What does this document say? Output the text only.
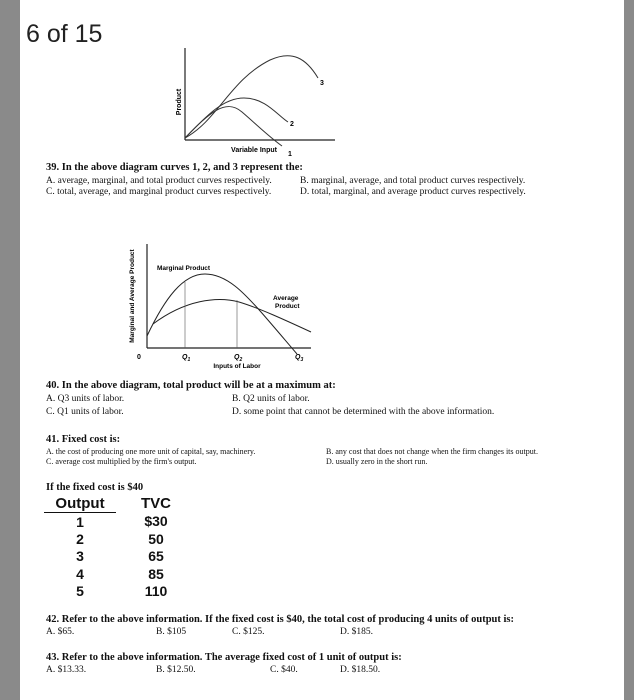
6 of 15
Product
Variable Input
1
2
3
39. In the above diagram curves 1, 2, and 3 represent the:
A. average, marginal, and total product curves respectively.	B. marginal, average, and total product curves respectively.
C. total, average, and marginal product curves respectively.	D. total, marginal, and average product curves respectively.
Marginal and Average Product	Marginal Product
Average
Product
0	$Q_1$	$Q_2$	$Q_3$
Inputs of Labor
40. In the above diagram, total product will be at a maximum at:
A. Q3 units of labor.	B. Q2 units of labor.
C. Q1 units of labor.	D. some point that cannot be determined with the above information.
41. Fixed cost is:
A. the cost of producing one more unit of capital, say, machinery.	B. any cost that does not change when the firm changes its output.
C. average cost multiplied by the firm's output.	D. usually zero in the short run.
If the fixed cost is $40
Output	TVC
1	$30
2	50
3	65
4	85
5	110
42. Refer to the above information. If the fixed cost is $40, the total cost of producing 4 units of output is:
A. $65.	B. $105	C. $125.	D. $185.
43. Refer to the above information. The average fixed cost of 1 unit of output is:
A. $13.33.	B. $12.50.	C. $40.	D. $18.50.
